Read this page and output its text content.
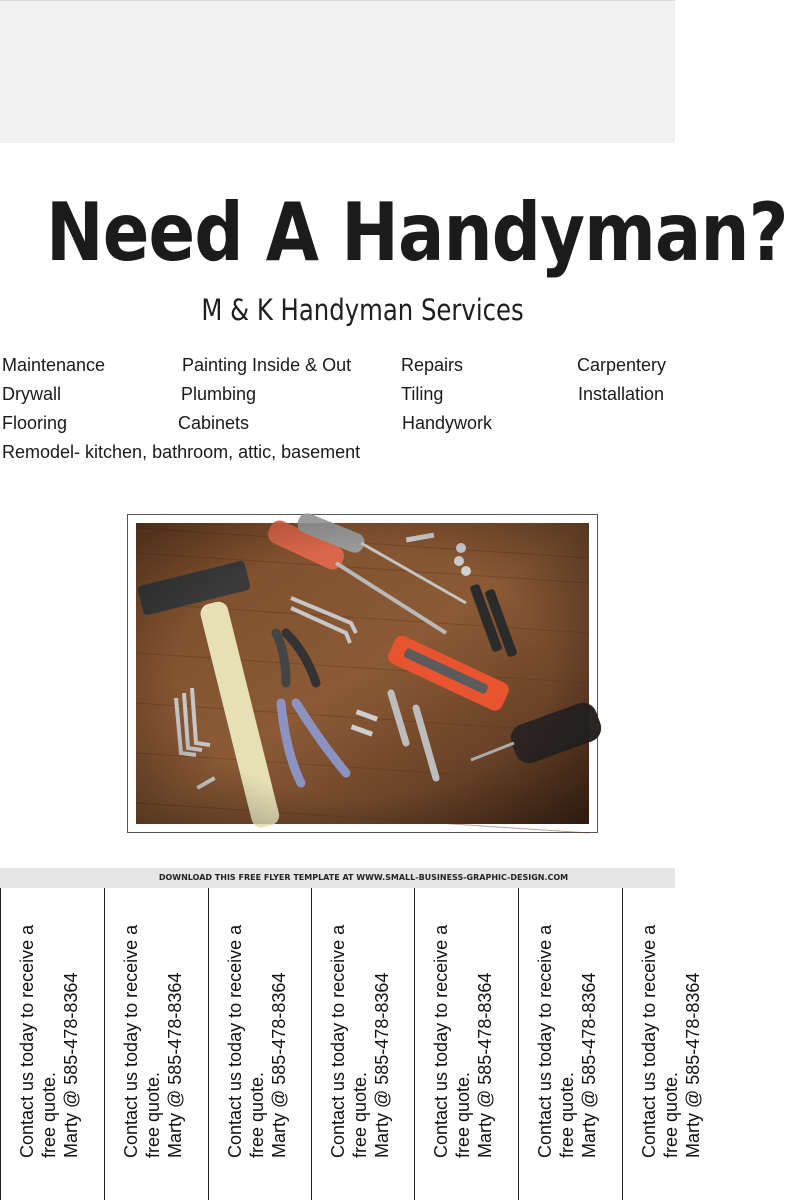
Need A Handyman?
M & K Handyman Services
Maintenance	Painting Inside & Out	Repairs	Carpentery
Drywall	Plumbing	Tiling	Installation
Flooring	Cabinets	Handywork
Remodel- kitchen, bathroom, attic, basement
DOWNLOAD THIS FREE FLYER TEMPLATE AT WWW.SMALL-BUSINESS-GRAPHIC-DESIGN.COM
Contact us today to receive a free quote. Marty @ 585-478-8364 Contact us today to receive a free quote. Marty @ 585-478-8364 Contact us today to receive a free quote. Marty @ 585-478-8364 Contact us today to receive a free quote. Marty @ 585-478-8364 Contact us today to receive a free quote. Marty @ 585-478-8364 Contact us today to receive a free quote. Marty @ 585-478-8364 Contact us today to receive a free quote. Marty @ 585-478-8364
